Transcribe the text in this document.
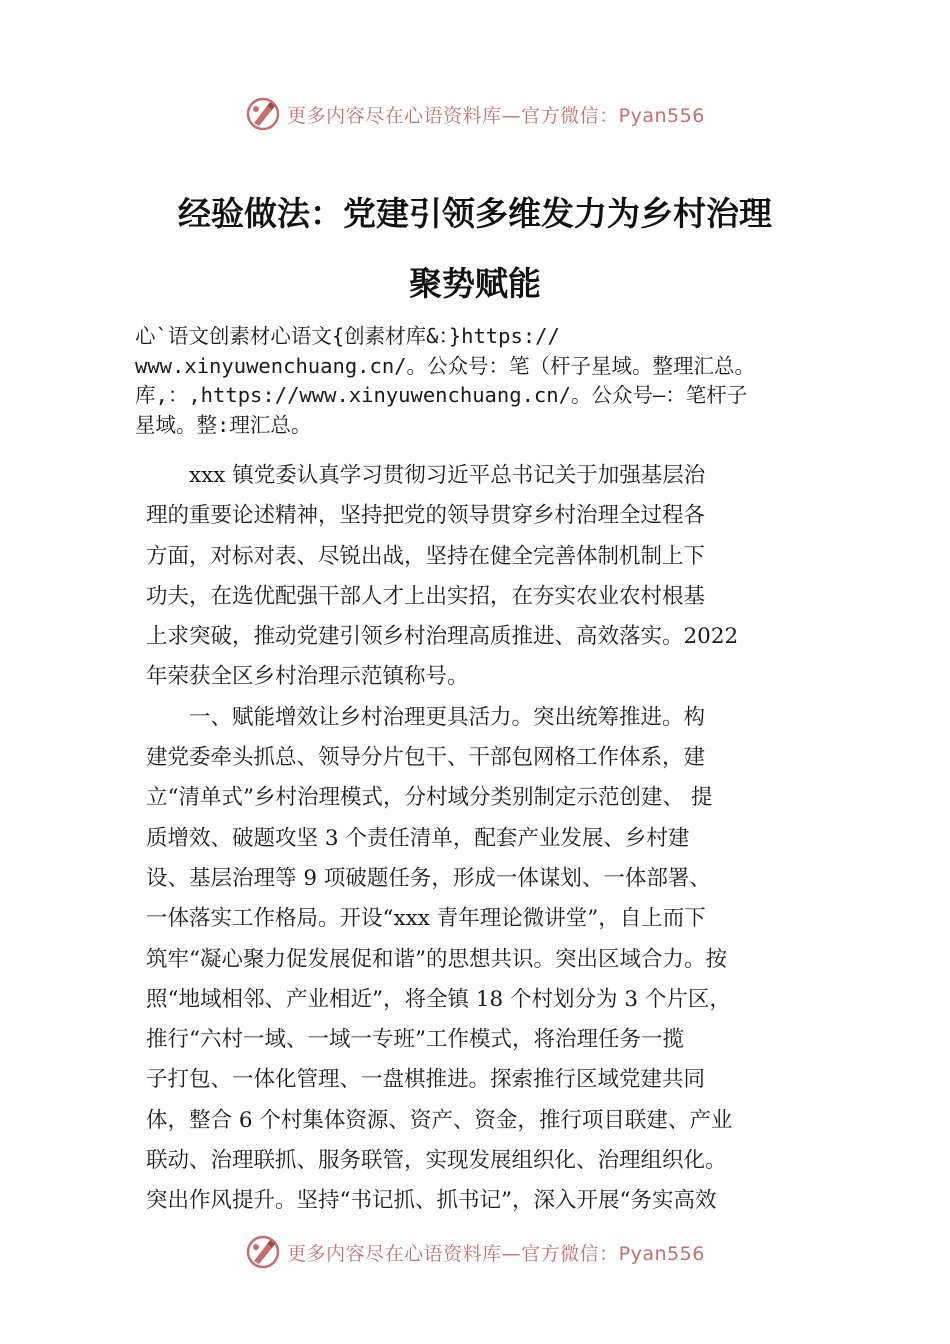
更多内容尽在心语资料库—官方微信：Pyan556
经验做法：党建引领多维发力为乡村治理
聚势赋能
心`语文创素材心语文{创素材库&：}https://
www.xinyuwenchuang.cn/。公众号：笔（杆子星域。整理汇总。
库,：,https://www.xinyuwenchuang.cn/。公众号—：笔杆子
星域。整:理汇总。
　　xxx 镇党委认真学习贯彻习近平总书记关于加强基层治
理的重要论述精神，坚持把党的领导贯穿乡村治理全过程各
方面，对标对表、尽锐出战，坚持在健全完善体制机制上下
功夫，在选优配强干部人才上出实招，在夯实农业农村根基
上求突破，推动党建引领乡村治理高质推进、高效落实。2022
年荣获全区乡村治理示范镇称号。
　　一、赋能增效让乡村治理更具活力。突出统筹推进。构
建党委牵头抓总、领导分片包干、干部包网格工作体系，建
立“清单式”乡村治理模式，分村域分类别制定示范创建、 提
质增效、破题攻坚 3 个责任清单，配套产业发展、乡村建
设、基层治理等 9 项破题任务，形成一体谋划、一体部署、
一体落实工作格局。开设“xxx 青年理论微讲堂”，自上而下
筑牢“凝心聚力促发展促和谐”的思想共识。突出区域合力。按
照“地域相邻、产业相近”，将全镇 18 个村划分为 3 个片区，
推行“六村一域、一域一专班”工作模式，将治理任务一揽
子打包、一体化管理、一盘棋推进。探索推行区域党建共同
体，整合 6 个村集体资源、资产、资金，推行项目联建、产业
联动、治理联抓、服务联管，实现发展组织化、治理组织化。
突出作风提升。坚持“书记抓、抓书记”，深入开展“务实高效
更多内容尽在心语资料库—官方微信：Pyan556
